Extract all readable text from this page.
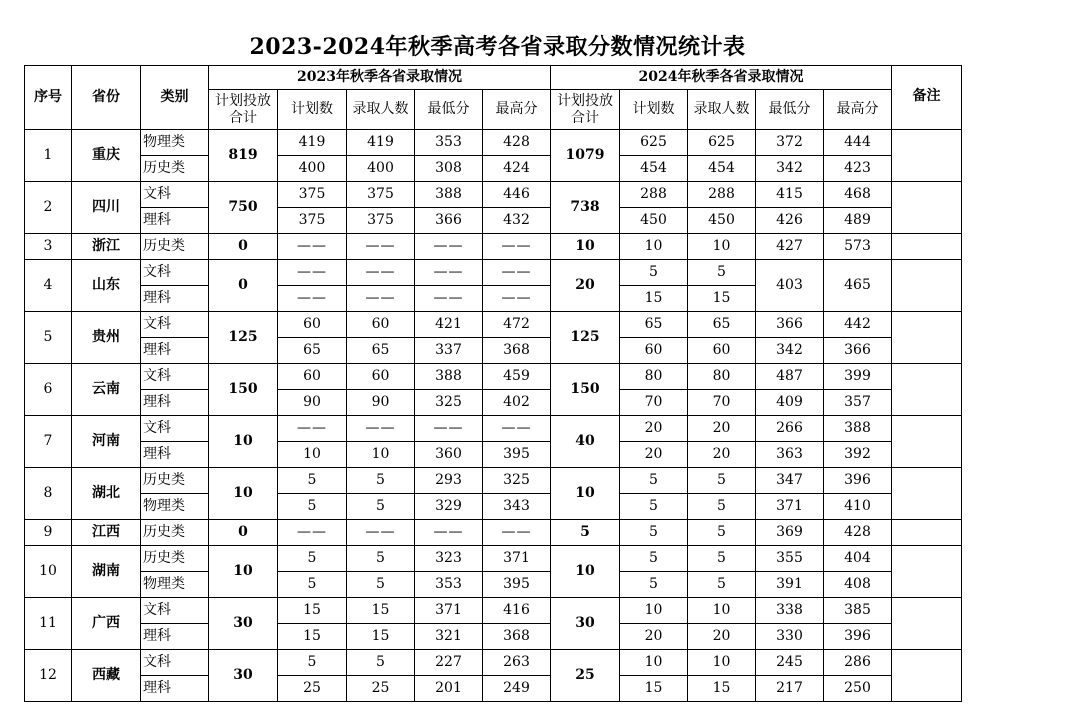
2023-2024年秋季高考各省录取分数情况统计表
序号	省份	类别	2023年秋季各省录取情况					2024年秋季各省录取情况					备注
			计划投放合计	计划数	录取人数	最低分	最高分	计划投放合计	计划数	录取人数	最低分	最高分	
1	重庆	物理类	819	419	419	353	428	1079	625	625	372	444	
		历史类		400	400	308	424		454	454	342	423	
2	四川	文科	750	375	375	388	446	738	288	288	415	468	
		理科		375	375	366	432		450	450	426	489	
3	浙江	历史类	0	——	——	——	——	10	10	10	427	573	
4	山东	文科	0	——	——	——	——	20	5	5	403	465	
		理科		——	——	——	——		15	15			
5	贵州	文科	125	60	60	421	472	125	65	65	366	442	
		理科		65	65	337	368		60	60	342	366	
6	云南	文科	150	60	60	388	459	150	80	80	487	399	
		理科		90	90	325	402		70	70	409	357	
7	河南	文科	10	——	——	——	——	40	20	20	266	388	
		理科		10	10	360	395		20	20	363	392	
8	湖北	历史类	10	5	5	293	325	10	5	5	347	396	
		物理类		5	5	329	343		5	5	371	410	
9	江西	历史类	0	——	——	——	——	5	5	5	369	428	
10	湖南	历史类	10	5	5	323	371	10	5	5	355	404	
		物理类		5	5	353	395		5	5	391	408	
11	广西	文科	30	15	15	371	416	30	10	10	338	385	
		理科		15	15	321	368		20	20	330	396	
12	西藏	文科	30	5	5	227	263	25	10	10	245	286	
		理科		25	25	201	249		15	15	217	250	
